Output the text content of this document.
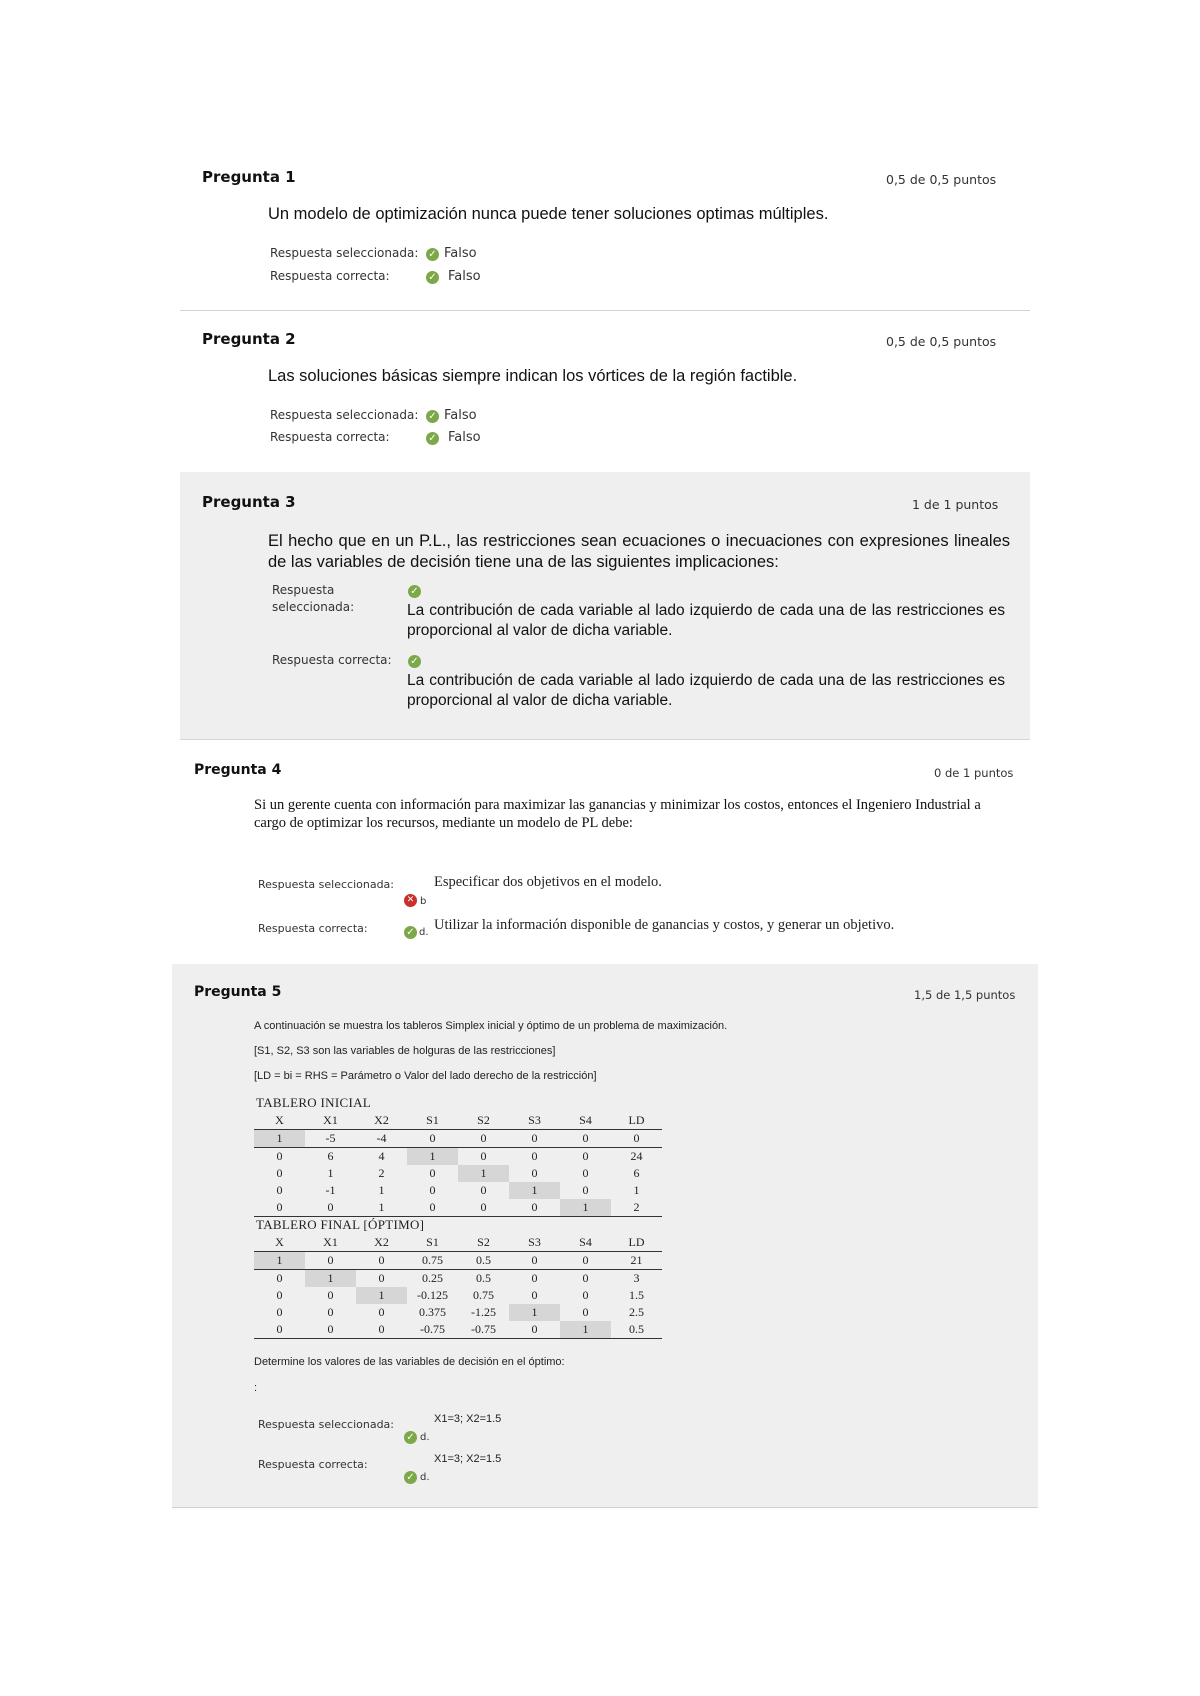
Pregunta 1	0,5 de 0,5 puntos
Un modelo de optimización nunca puede tener soluciones optimas múltiples.
Respuesta seleccionada: ✓ Falso
Respuesta correcta:	✓ Falso
Pregunta 2	0,5 de 0,5 puntos
Las soluciones básicas siempre indican los vórtices de la región factible.
Respuesta seleccionada: ✓ Falso
Respuesta correcta:	✓ Falso
Pregunta 3	1 de 1 puntos
El hecho que en un P.L., las restricciones sean ecuaciones o inecuaciones con expresiones lineales de las variables de decisión tiene una de las siguientes implicaciones:
Respuesta
seleccionada:
✓
La contribución de cada variable al lado izquierdo de cada una de las restricciones es proporcional al valor de dicha variable.
Respuesta correcta: ✓
La contribución de cada variable al lado izquierdo de cada una de las restricciones es proporcional al valor de dicha variable.
Pregunta 4	0 de 1 puntos
Si un gerente cuenta con información para maximizar las ganancias y minimizar los costos, entonces el Ingeniero Industrial a cargo de optimizar los recursos, mediante un modelo de PL debe:
Respuesta seleccionada:	Especificar dos objetivos en el modelo.
✕ b
Respuesta correcta:	✓ d. Utilizar la información disponible de ganancias y costos, y generar un objetivo.
Pregunta 5	1,5 de 1,5 puntos
A continuación se muestra los tableros Simplex inicial y óptimo de un problema de maximización.
[S1, S2, S3 son las variables de holguras de las restricciones]
[LD = bi = RHS = Parámetro o Valor del lado derecho de la restricción]
TABLERO INICIAL
X	X1	X2	S1	S2	S3	S4	LD
1	-5	-4	0	0	0	0	0
0	6	4	1	0	0	0	24
0	1	2	0	1	0	0	6
0	-1	1	0	0	1	0	1
0	0	1	0	0	0	1	2
TABLERO FINAL [ÓPTIMO]
X	X1	X2	S1	S2	S3	S4	LD
1	0	0	0.75	0.5	0	0	21
0	1	0	0.25	0.5	0	0	3
0	0	1	-0.125	0.75	0	0	1.5
0	0	0	0.375	-1.25	1	0	2.5
0	0	0	-0.75	-0.75	0	1	0.5
Determine los valores de las variables de decisión en el óptimo:
:
Respuesta seleccionada:	X1=3; X2=1.5
✓ d.
Respuesta correcta:	X1=3; X2=1.5
✓ d.
